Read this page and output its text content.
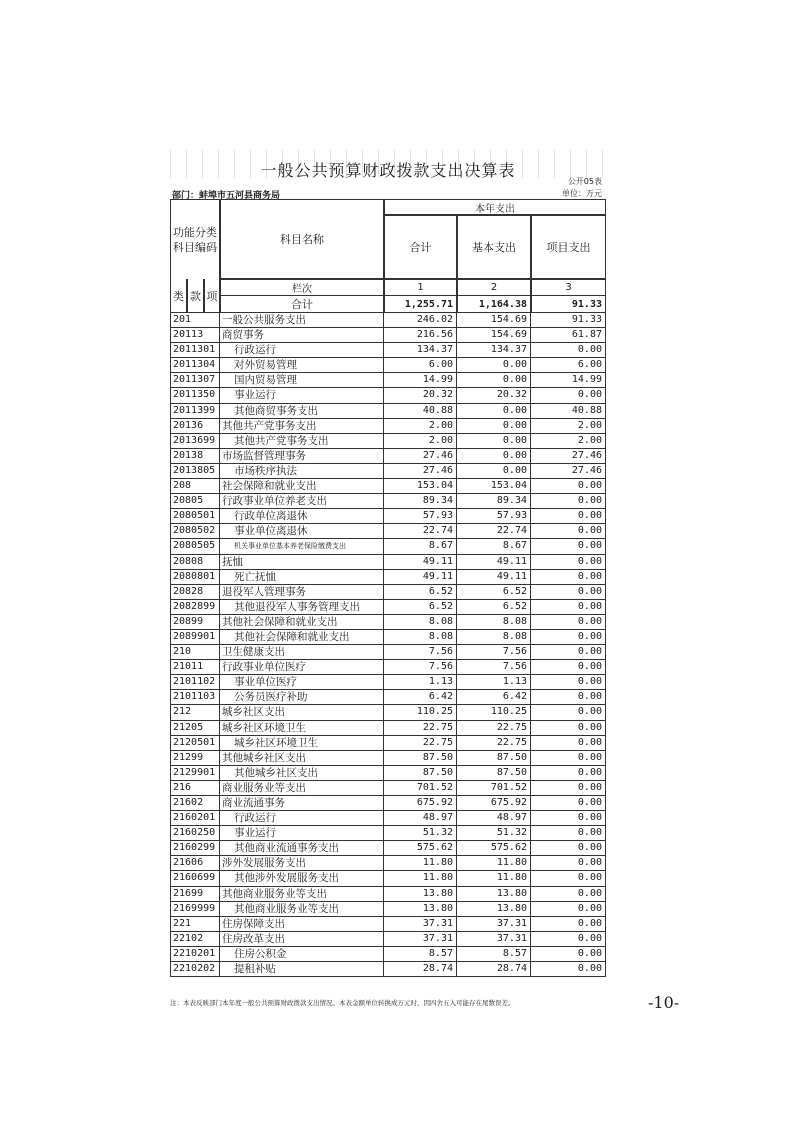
一般公共预算财政拨款支出决算表
公开05表
部门：蚌埠市五河县商务局	单位：万元
功能分类科目编码
科目名称
本年支出
合计	基本支出	项目支出
类 款 项	栏次	1	2	3
合计	1,255.71	1,164.38	91.33
201	一般公共服务支出	246.02	154.69	91.33
20113	商贸事务	216.56	154.69	61.87
2011301	行政运行	134.37	134.37	0.00
2011304	对外贸易管理	6.00	0.00	6.00
2011307	国内贸易管理	14.99	0.00	14.99
2011350	事业运行	20.32	20.32	0.00
2011399	其他商贸事务支出	40.88	0.00	40.88
20136	其他共产党事务支出	2.00	0.00	2.00
2013699	其他共产党事务支出	2.00	0.00	2.00
20138	市场监督管理事务	27.46	0.00	27.46
2013805	市场秩序执法	27.46	0.00	27.46
208	社会保障和就业支出	153.04	153.04	0.00
20805	行政事业单位养老支出	89.34	89.34	0.00
2080501	行政单位离退休	57.93	57.93	0.00
2080502	事业单位离退休	22.74	22.74	0.00
2080505	机关事业单位基本养老保险缴费支出	8.67	8.67	0.00
20808	抚恤	49.11	49.11	0.00
2080801	死亡抚恤	49.11	49.11	0.00
20828	退役军人管理事务	6.52	6.52	0.00
2082899	其他退役军人事务管理支出	6.52	6.52	0.00
20899	其他社会保障和就业支出	8.08	8.08	0.00
2089901	其他社会保障和就业支出	8.08	8.08	0.00
210	卫生健康支出	7.56	7.56	0.00
21011	行政事业单位医疗	7.56	7.56	0.00
2101102	事业单位医疗	1.13	1.13	0.00
2101103	公务员医疗补助	6.42	6.42	0.00
212	城乡社区支出	110.25	110.25	0.00
21205	城乡社区环境卫生	22.75	22.75	0.00
2120501	城乡社区环境卫生	22.75	22.75	0.00
21299	其他城乡社区支出	87.50	87.50	0.00
2129901	其他城乡社区支出	87.50	87.50	0.00
216	商业服务业等支出	701.52	701.52	0.00
21602	商业流通事务	675.92	675.92	0.00
2160201	行政运行	48.97	48.97	0.00
2160250	事业运行	51.32	51.32	0.00
2160299	其他商业流通事务支出	575.62	575.62	0.00
21606	涉外发展服务支出	11.80	11.80	0.00
2160699	其他涉外发展服务支出	11.80	11.80	0.00
21699	其他商业服务业等支出	13.80	13.80	0.00
2169999	其他商业服务业等支出	13.80	13.80	0.00
221	住房保障支出	37.31	37.31	0.00
22102	住房改革支出	37.31	37.31	0.00
2210201	住房公积金	8.57	8.57	0.00
2210202	提租补贴	28.74	28.74	0.00
注：本表反映部门本年度一般公共预算财政拨款支出情况。本表金额单位转换成万元时，因四舍五入可能存在尾数误差。	-10-
